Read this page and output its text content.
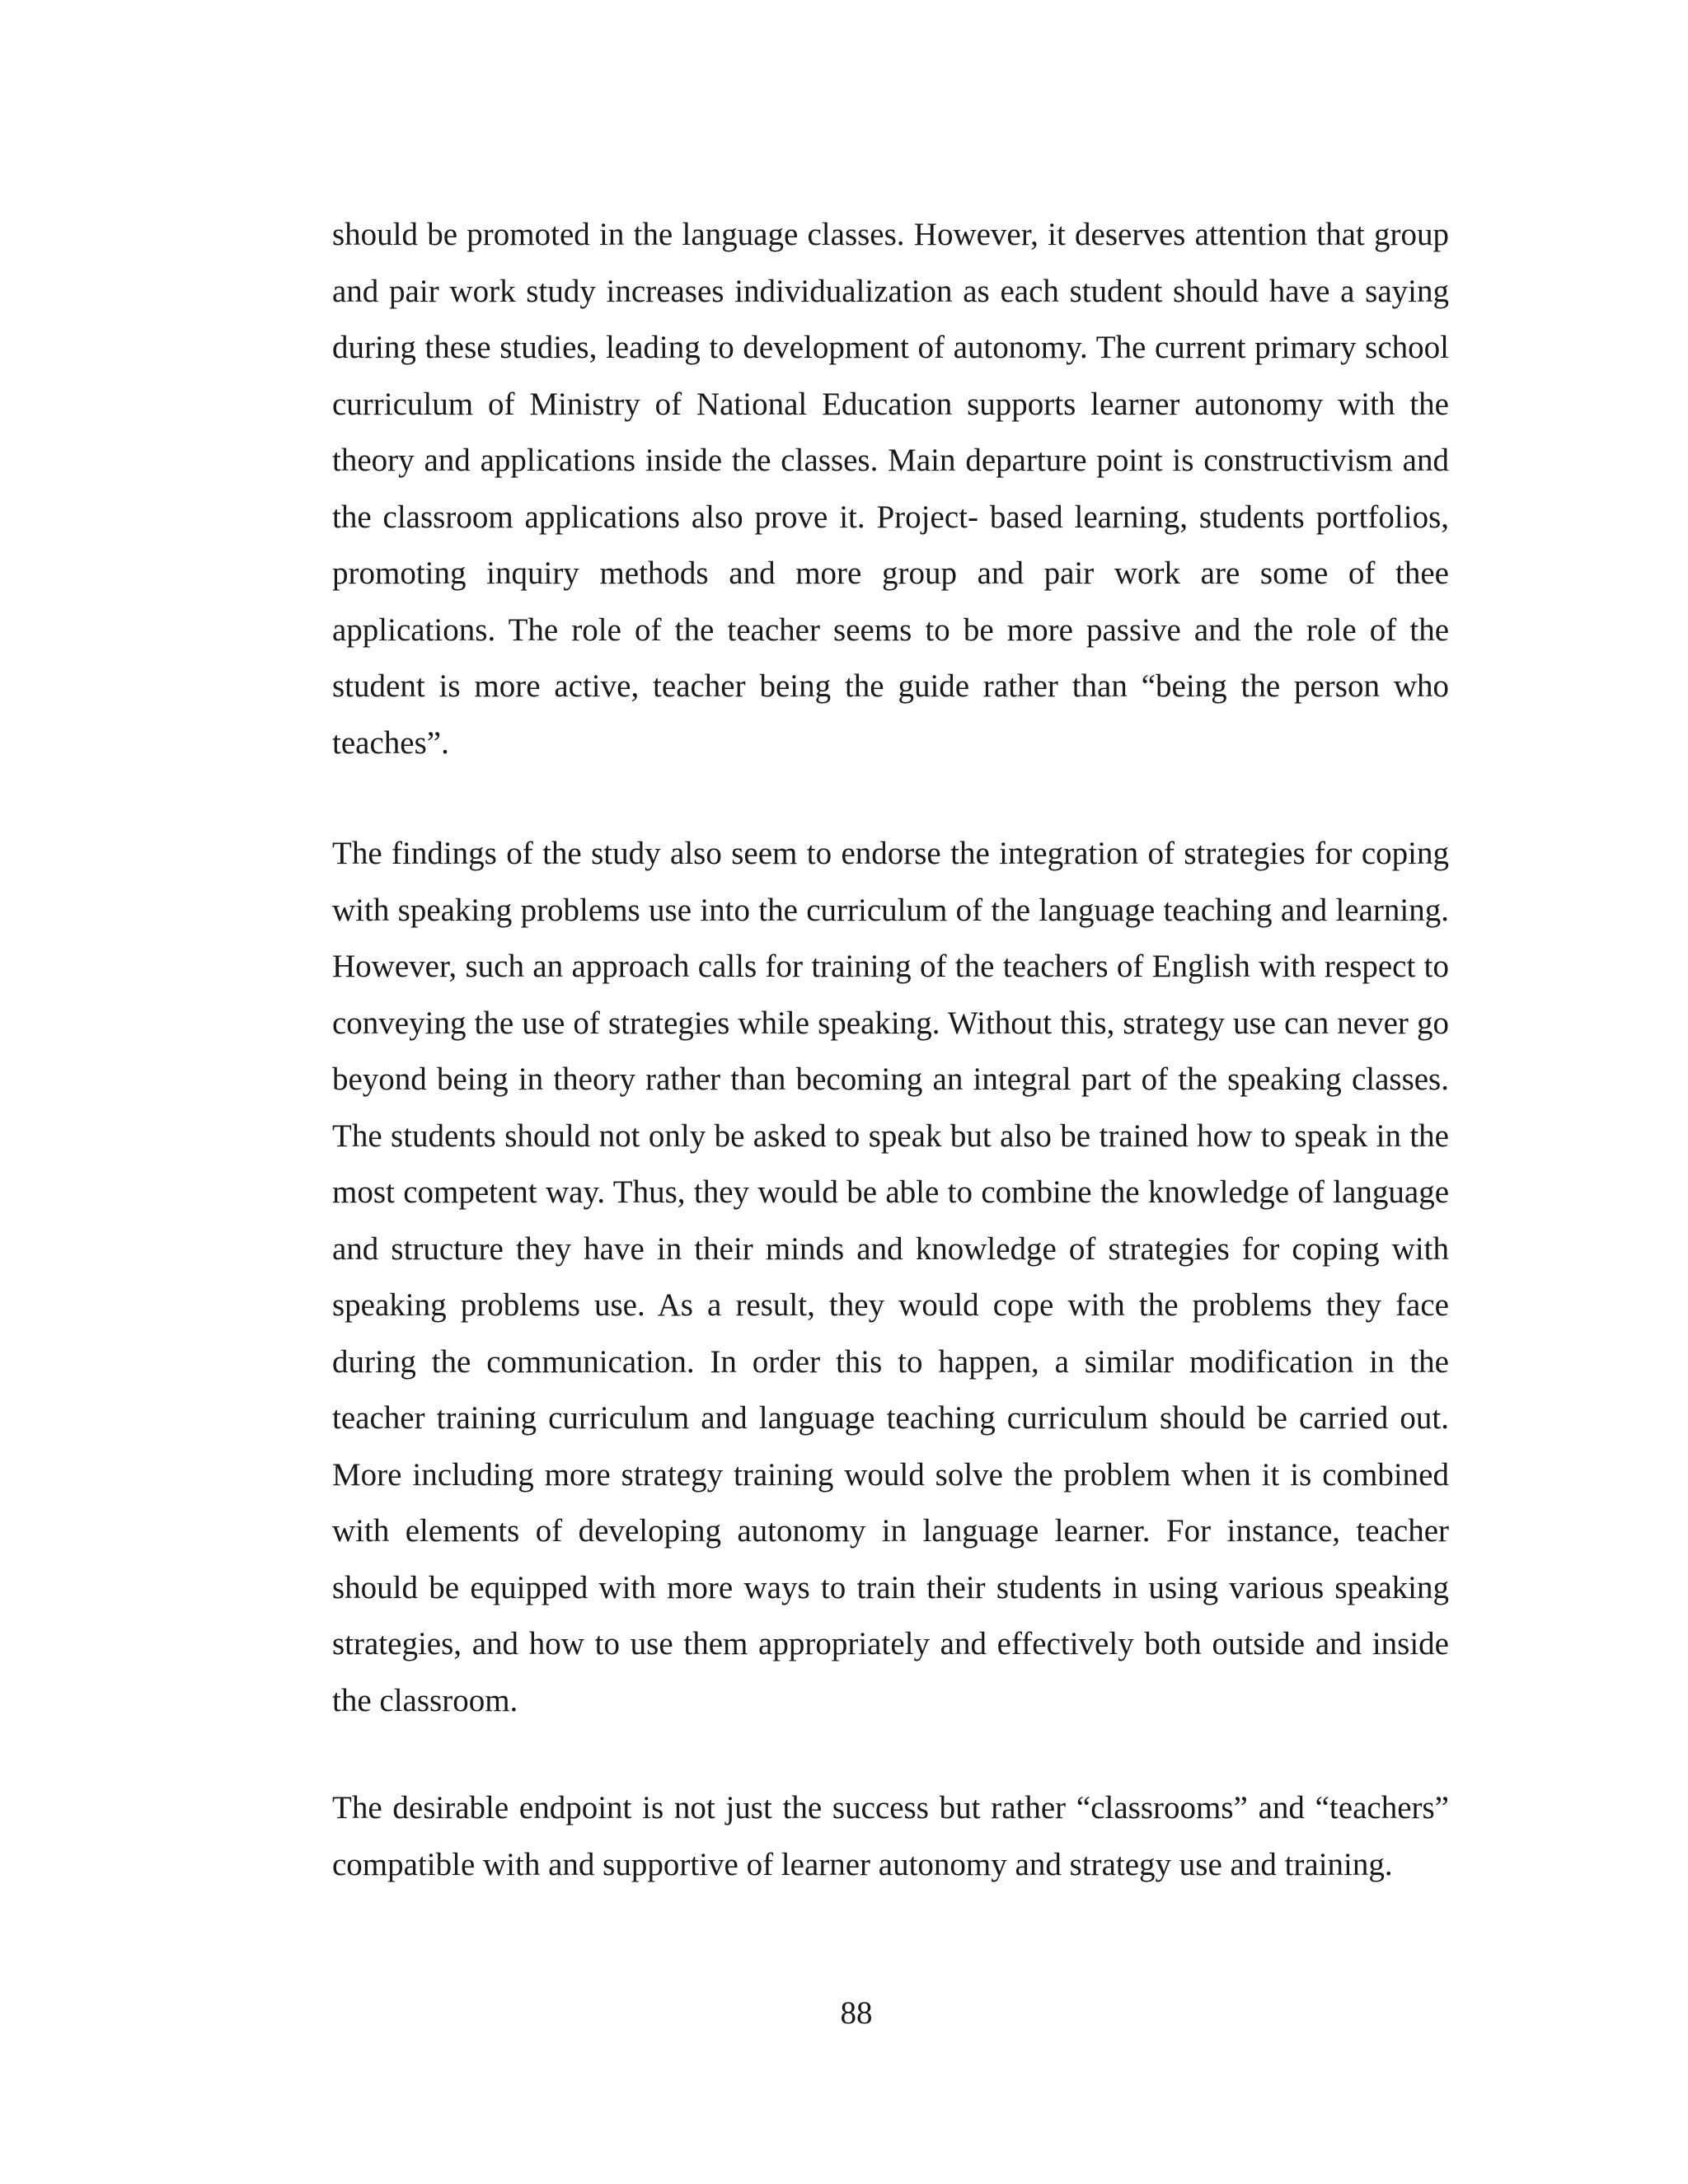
should be promoted in the language classes. However, it deserves attention that group and pair work study increases individualization as each student should have a saying during these studies, leading to development of autonomy. The current primary school curriculum of Ministry of National Education supports learner autonomy with the theory and applications inside the classes. Main departure point is constructivism and the classroom applications also prove it. Project- based learning, students portfolios, promoting inquiry methods and more group and pair work are some of thee applications. The role of the teacher seems to be more passive and the role of the student is more active, teacher being the guide rather than “being the person who teaches”.

The findings of the study also seem to endorse the integration of strategies for coping with speaking problems use into the curriculum of the language teaching and learning. However, such an approach calls for training of the teachers of English with respect to conveying the use of strategies while speaking. Without this, strategy use can never go beyond being in theory rather than becoming an integral part of the speaking classes. The students should not only be asked to speak but also be trained how to speak in the most competent way. Thus, they would be able to combine the knowledge of language and structure they have in their minds and knowledge of strategies for coping with speaking problems use. As a result, they would cope with the problems they face during the communication. In order this to happen, a similar modification in the teacher training curriculum and language teaching curriculum should be carried out. More including more strategy training would solve the problem when it is combined with elements of developing autonomy in language learner. For instance, teacher should be equipped with more ways to train their students in using various speaking strategies, and how to use them appropriately and effectively both outside and inside the classroom.

The desirable endpoint is not just the success but rather “classrooms” and “teachers” compatible with and supportive of learner autonomy and strategy use and training.

88
